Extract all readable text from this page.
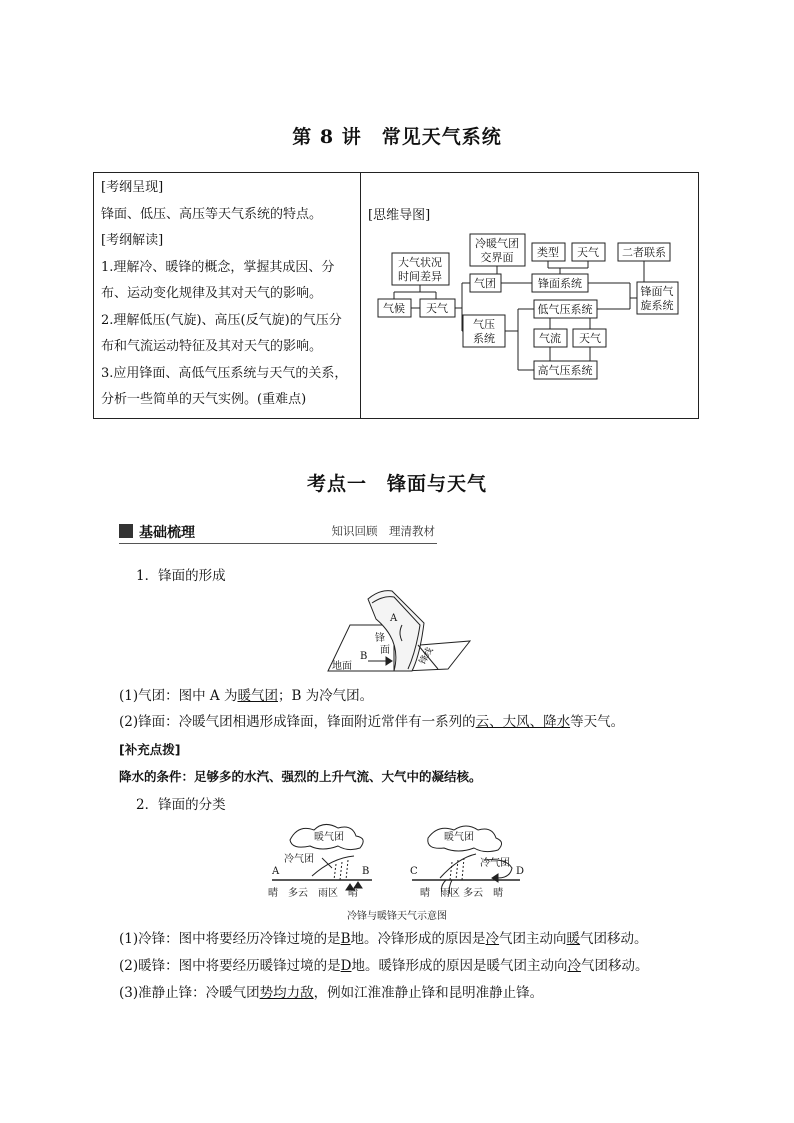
第 8 讲　常见天气系统
[考纲呈现]
锋面、低压、高压等天气系统的特点。
[考纲解读]
1.理解冷、暖锋的概念，掌握其成因、分
布、运动变化规律及其对天气的影响。
2.理解低压(气旋)、高压(反气旋)的气压分
布和气流运动特征及其对天气的影响。
3.应用锋面、高低气压系统与天气的关系，
分析一些简单的天气实例。(重难点)
[思维导图]
大气状况
时间差异
气候 天气
冷暖气团
交界面
气团
气压
系统
类型 天气
锋面系统
低气压系统
气流 天气
高气压系统
二者联系
锋面气
旋系统
考点一　锋面与天气
基础梳理	知识回顾　理清教材
1．锋面的形成
A
B
锋
面
地面	锋线
(1)气团：图中 A 为暖气团；B 为冷气团。
(2)锋面：冷暖气团相遇形成锋面，锋面附近常伴有一系列的云、大风、降水等天气。
[补充点拨]
降水的条件：足够多的水汽、强烈的上升气流、大气中的凝结核。
2．锋面的分类
暖气团
冷气团
A	B
晴　多云　雨区　晴
暖气团
冷气团
C	D
晴　雨区 多云　晴
冷锋与暖锋天气示意图
(1)冷锋：图中将要经历冷锋过境的是B地。冷锋形成的原因是冷气团主动向暖气团移动。
(2)暖锋：图中将要经历暖锋过境的是D地。暖锋形成的原因是暖气团主动向冷气团移动。
(3)准静止锋：冷暖气团势均力敌，例如江淮准静止锋和昆明准静止锋。
